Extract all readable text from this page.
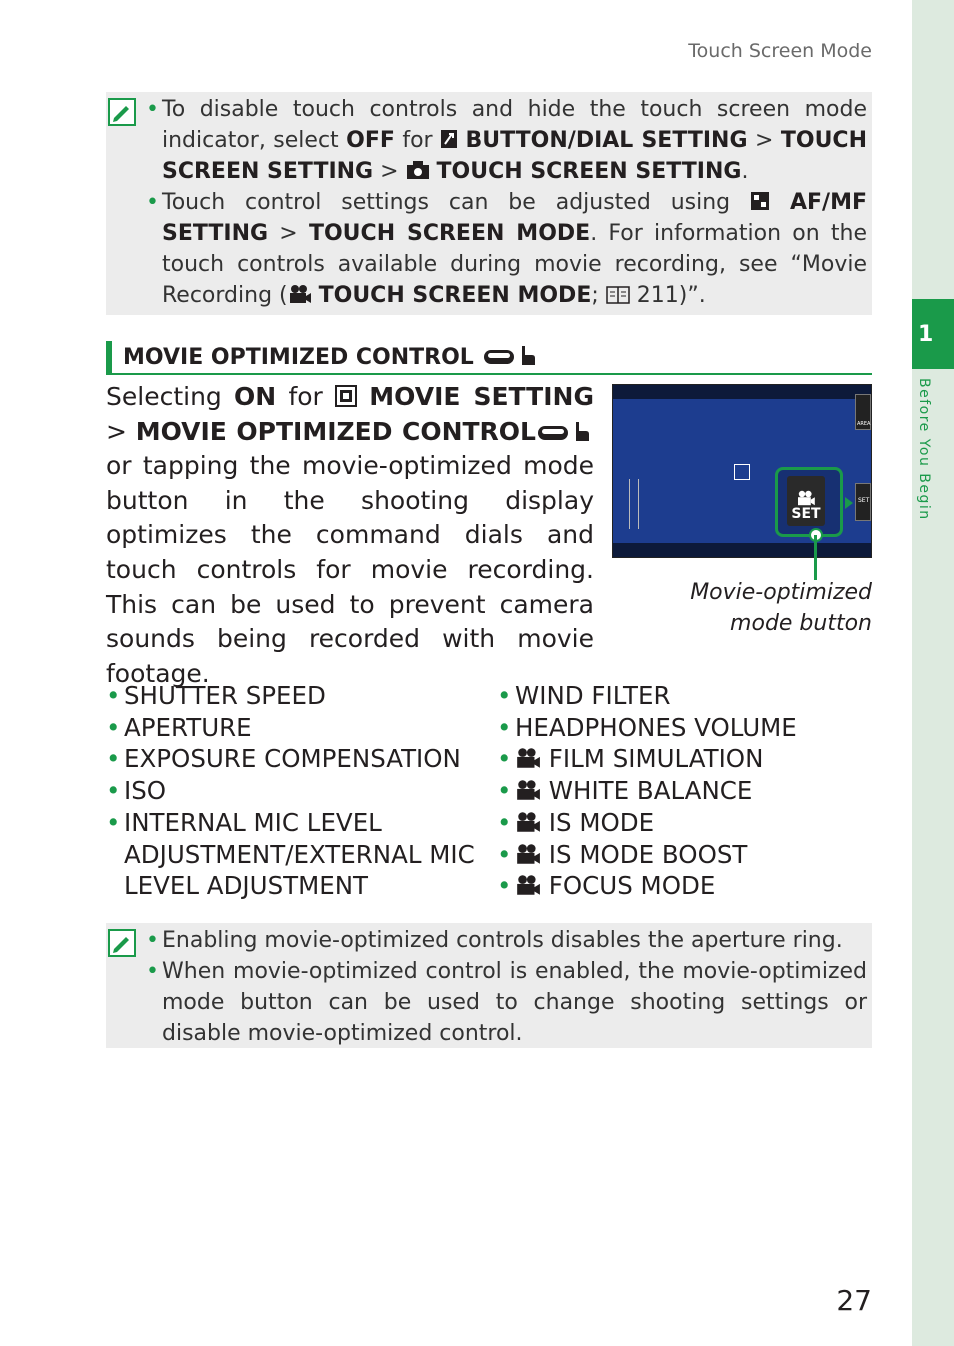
1
Before You Begin
Touch Screen Mode
• To disable touch controls and hide the touch screen mode indicator, select OFF for  BUTTON/DIAL SETTING > TOUCH SCREEN SETTING >  TOUCH SCREEN SETTING.
• Touch control settings can be adjusted using  AF/MF SETTING > TOUCH SCREEN MODE. For information on the touch controls available during movie recording, see “Movie Recording ( TOUCH SCREEN MODE;  211)”.
MOVIE OPTIMIZED CONTROL

Selecting ON for  MOVIE SETTING > MOVIE OPTIMIZED CONTROL or tapping the movie-optimized mode button in the shooting display optimizes the command dials and touch controls for movie recording. This can be used to prevent camera sounds being recorded with movie footage.

AREA
SET
SET
Movie-optimized
mode button
• SHUTTER SPEED
• APERTURE
• EXPOSURE COMPENSATION
• ISO
• INTERNAL MIC LEVEL ADJUSTMENT/EXTERNAL MIC LEVEL ADJUSTMENT
• WIND FILTER
• HEADPHONES VOLUME
• FILM SIMULATION
• WHITE BALANCE
• IS MODE
• IS MODE BOOST
• FOCUS MODE
• Enabling movie-optimized controls disables the aperture ring.
• When movie-optimized control is enabled, the movie-optimized mode button can be used to change shooting settings or disable movie-optimized control.
27
